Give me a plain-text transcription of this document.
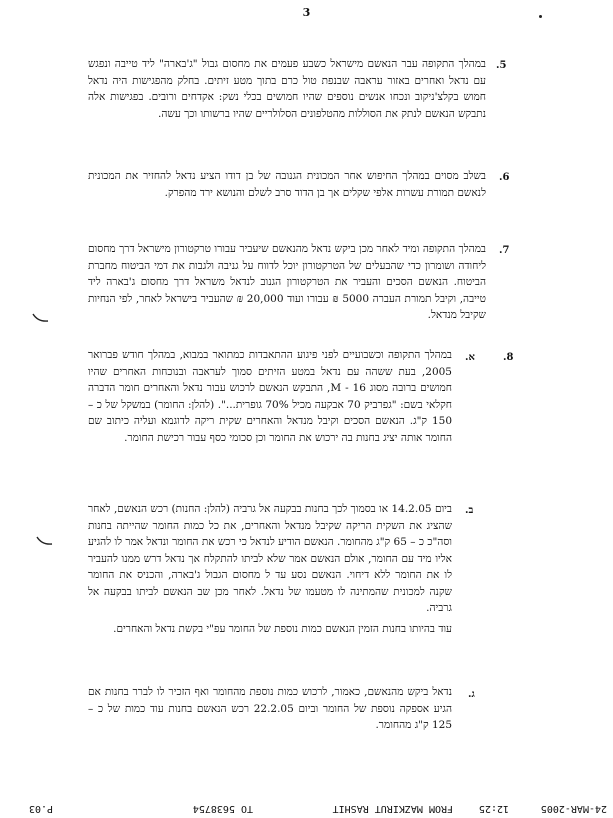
3
.5

במהלך התקופה עבר הנאשם מישראל כשבע פעמים את מחסום גבול "ג'בארה" ליד טייבה ונפגש עם נדאל ואחרים באזור עראבה שבנפת טול כרם בתוך מטע זיתים. בחלק מהפגישות היה נדאל חמוש בקלצ'ניקוב ונכחו אנשים נוספים שהיו חמושים בכלי נשק: אקדחים ורובים. בפגישות אלה נתבקש הנאשם לנתק את הסוללות מהטלפונים הסלולריים שהיו ברשותו וכך עשה.

.6

בשלב מסוים במהלך החיפוש אחר המכונית הגנובה של בן דודו הציע נדאל להחזיר את המכונית לנאשם תמורת עשרות אלפי שקלים אך בן הדוד סרב לשלם והנושא ירד מהפרק.

.7

במהלך התקופה ומיד לאחר מכן ביקש נדאל מהנאשם שיעביר עבורו טרקטורון מישראל דרך מחסום ליחודה ושומרון כדי שהבעלים של הטרקטורון יוכל לדווח על גניבה ולגבות את דמי הביטוח מחברת הביטוח. הנאשם הסכים והעביר את הטרקטורון הגנוב לנדאל משראל דרך מחסום ג'בארה ליד טייבה, וקיבל תמורת העברה 5000 ₪ עבורו ועוד 20,000 ₪ שהעביר בישראל לאחר, לפי הנחיות שקיבל מנדאל.

.8
א.

במהלך התקופה וכשבועיים לפני פיגוע ההתאבדות כמתואר במבוא, במהלך חודש פברואר 2005, בעת ששהה עם נדאל במטע הזיתים סמוך לעראבה ובנוכחות האחרים שהיו חמושים ברובה מסוג M - 16, התבקש הנאשם לרכוש עבור נדאל והאחרים חומר הדברה חקלאי בשם: "גפרביק 70 אבקעה מכיל 70% גופרית...". (להלן: החומר) במשקל של כ – 150 ק"ג. הנאשם הסכים וקיבל מנדאל והאחרים שקית ריקה לדוגמא ועליה כיתוב שם החומר אותה יציג בחנות בה ירכוש את החומר וכן סכומי כסף עבור רכישת החומר.

ב.

ביום 14.2.05 או בסמוך לכך בחנות בבקעה אל גרביה (להלן: החנות) רכש הנאשם, לאחר שהציג את השקית הריקה שקיבל מנדאל והאחרים, את כל כמות החומר שהייתה בחנות וסה"כ כ – 65 ק"ג מהחומר. הנאשם הודיע לנדאל כי רכש את החומר ונדאל אמר לו להגיע אליו מיד עם החומר, אולם הנאשם אמר שלא לביתו להתקלח אך נדאל דרש ממנו להעביר לו את החומר ללא דיחוי. הנאשם נסע עד ל מחסום הגבול ג'בארה, והכניס את החומר שקנה למכונית שהמתינה לו מטעמו של נדאל. לאחר מכן שב הנאשם לביתו בבקעה אל גרביה.

עוד בהיותו בחנות הזמין הנאשם כמות נוספת של החומר עפ"י בקשת נדאל והאחרים.

ג.

נדאל ביקש מהנאשם, כאמור, לרכוש כמות נוספת מהחומר ואף הזכיר לו לברר בחנות אם הגיע אספקה נוספת של החומר וביום 22.2.05 רכש הנאשם בחנות עוד כמות של כ – 125 ק"ג מהחומר.

24-MAR-2005
12:25
FROM MAZKIRUT RASHIT
TO 5638754
P.03
